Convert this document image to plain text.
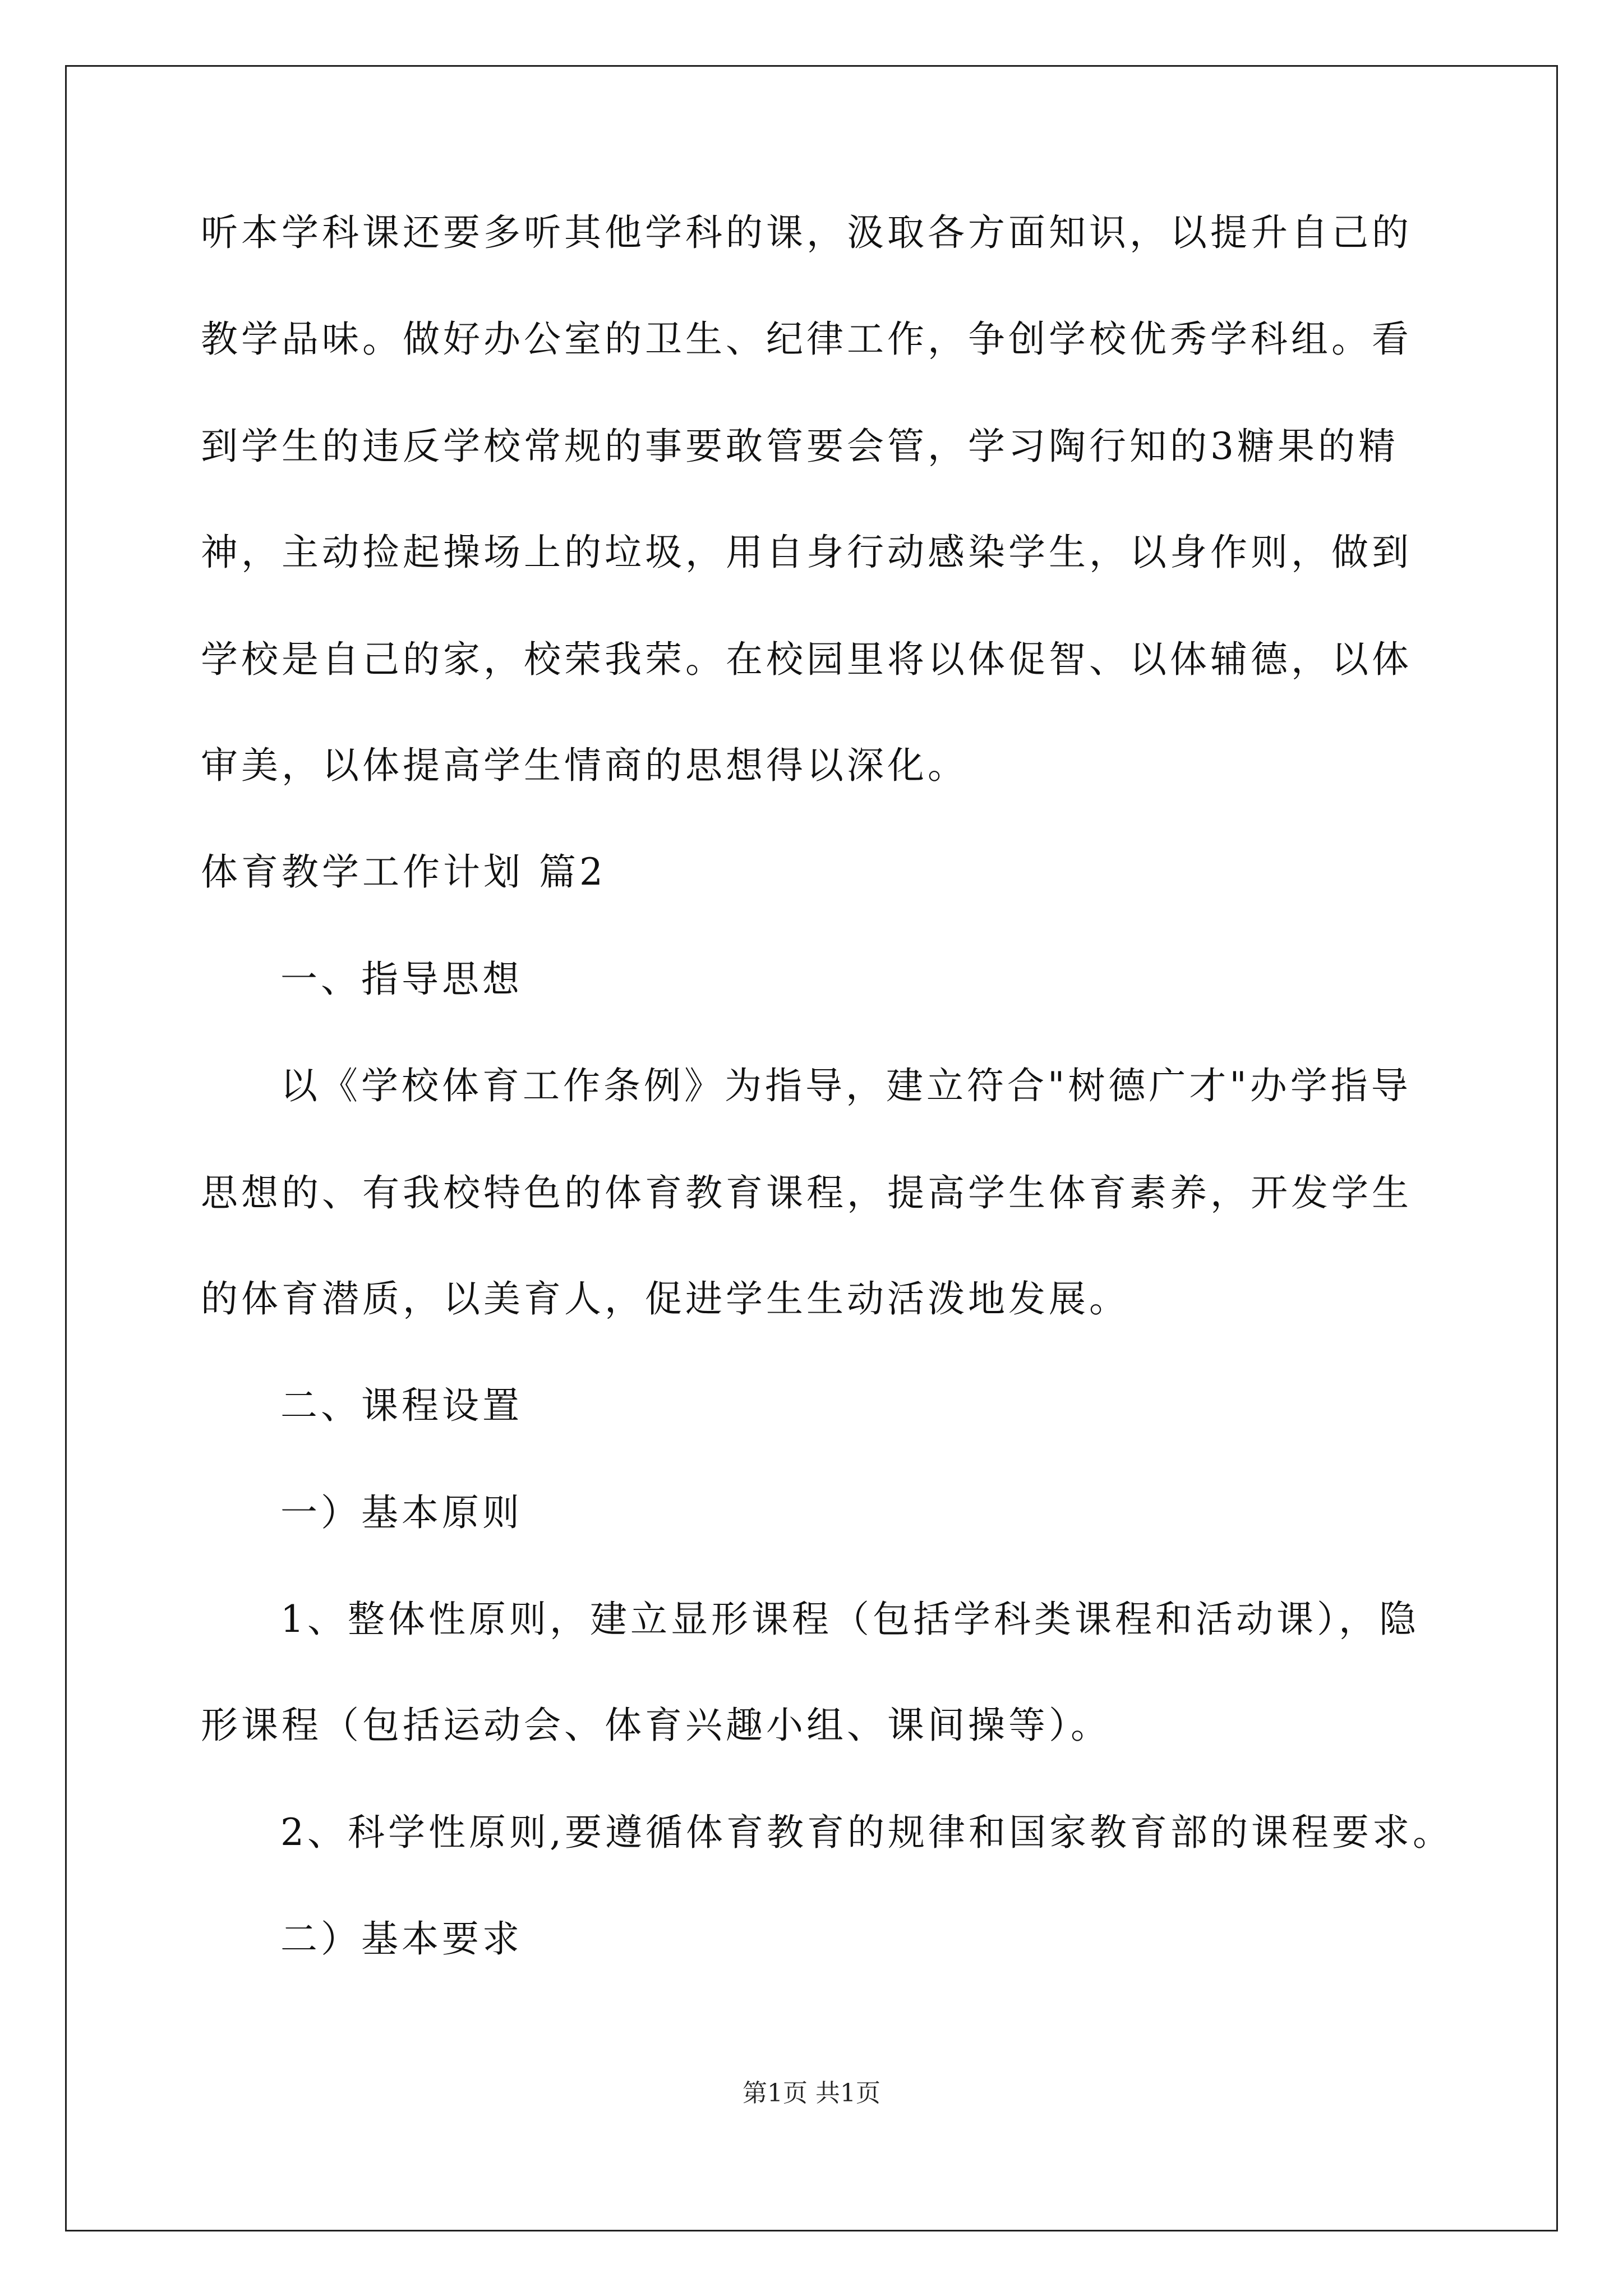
听本学科课还要多听其他学科的课，汲取各方面知识，以提升自己的
教学品味。做好办公室的卫生、纪律工作，争创学校优秀学科组。看
到学生的违反学校常规的事要敢管要会管，学习陶行知的3糖果的精
神，主动捡起操场上的垃圾，用自身行动感染学生，以身作则，做到
学校是自己的家，校荣我荣。在校园里将以体促智、以体辅德，以体
审美，以体提高学生情商的思想得以深化。
体育教学工作计划 篇2
一、指导思想
以《学校体育工作条例》为指导，建立符合"树德广才"办学指导
思想的、有我校特色的体育教育课程，提高学生体育素养，开发学生
的体育潜质，以美育人，促进学生生动活泼地发展。
二、课程设置
一）基本原则
1、整体性原则，建立显形课程（包括学科类课程和活动课），隐
形课程（包括运动会、体育兴趣小组、课间操等）。
2、科学性原则,要遵循体育教育的规律和国家教育部的课程要求。
二）基本要求
第1页 共1页
